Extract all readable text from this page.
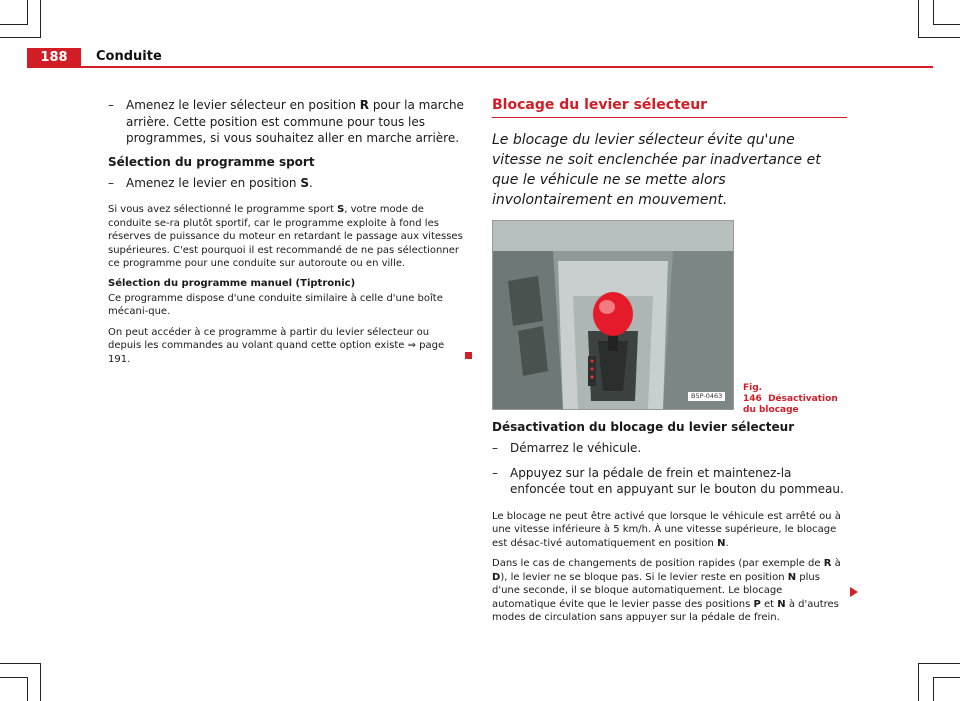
188	Conduite
– Amenez le levier sélecteur en position R pour la marche arrière. Cette position est commune pour tous les programmes, si vous souhaitez aller en marche arrière.
Sélection du programme sport
– Amenez le levier en position S.

Si vous avez sélectionné le programme sport S, votre mode de conduite se-ra plutôt sportif, car le programme exploite à fond les réserves de puissance du moteur en retardant le passage aux vitesses supérieures. C'est pourquoi il est recommandé de ne pas sélectionner ce programme pour une conduite sur autoroute ou en ville.

Sélection du programme manuel (Tiptronic)

Ce programme dispose d'une conduite similaire à celle d'une boîte mécani-que.

On peut accéder à ce programme à partir du levier sélecteur ou depuis les commandes au volant quand cette option existe ⇒ page 191.

Blocage du levier sélecteur
Le blocage du levier sélecteur évite qu'une vitesse ne soit enclenchée par inadvertance et que le véhicule ne se mette alors involontairement en mouvement.
B5P-0463
Fig. 146 Désactivation du blocage
Désactivation du blocage du levier sélecteur
– Démarrez le véhicule.
– Appuyez sur la pédale de frein et maintenez-la enfoncée tout en appuyant sur le bouton du pommeau.

Le blocage ne peut être activé que lorsque le véhicule est arrêté ou à une vitesse inférieure à 5 km/h. À une vitesse supérieure, le blocage est désac-tivé automatiquement en position N.

Dans le cas de changements de position rapides (par exemple de R à D), le levier ne se bloque pas. Si le levier reste en position N plus d'une seconde, il se bloque automatiquement. Le blocage automatique évite que le levier passe des positions P et N à d'autres modes de circulation sans appuyer sur la pédale de frein.
